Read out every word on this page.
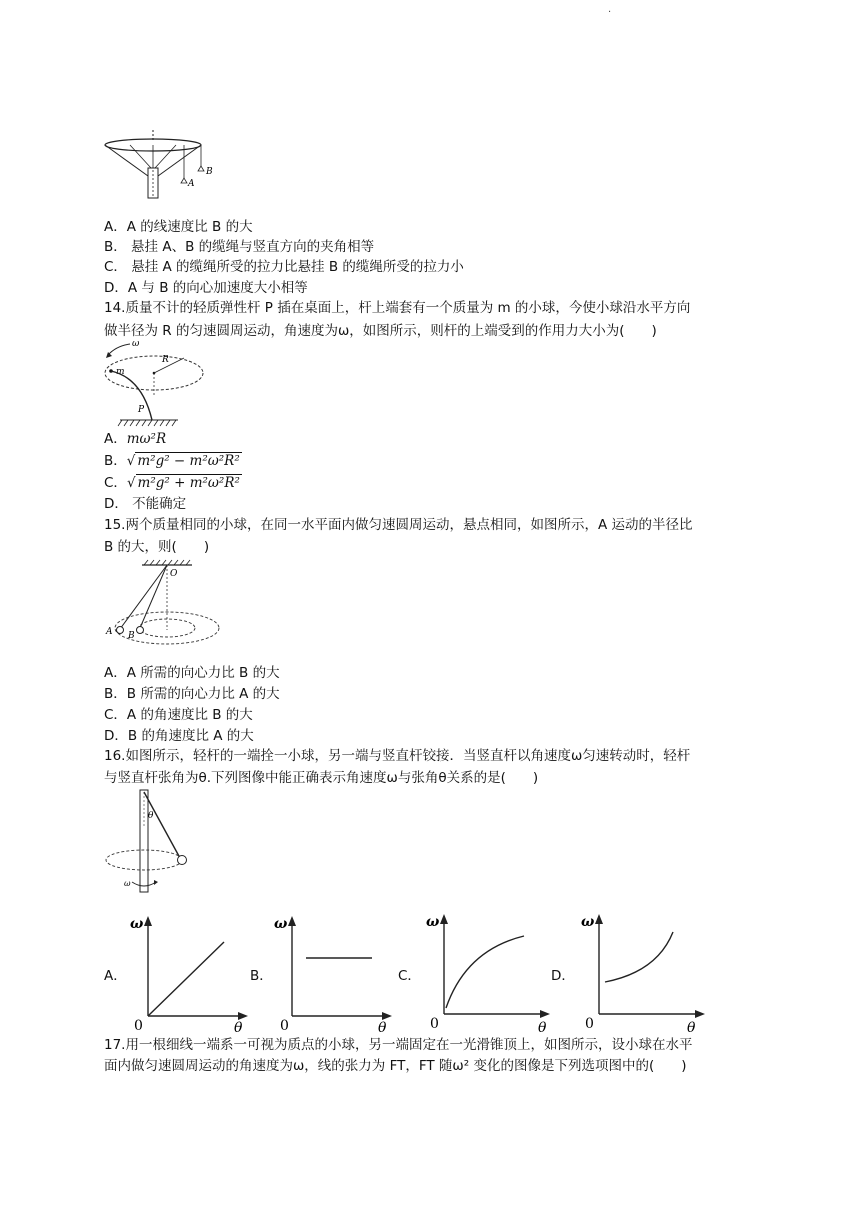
.
A
B
A．A 的线速度比 B 的大
B． 悬挂 A、B 的缆绳与竖直方向的夹角相等
C． 悬挂 A 的缆绳所受的拉力比悬挂 B 的缆绳所受的拉力小
D．A 与 B 的向心加速度大小相等
14.质量不计的轻质弹性杆 P 插在桌面上，杆上端套有一个质量为 m 的小球，今使小球沿水平方向
做半径为 R 的匀速圆周运动，角速度为ω，如图所示，则杆的上端受到的作用力大小为(　　)
ω
m
R
P
A．mω²R
B．√ m²g² − m²ω²R²
C．√ m²g² + m²ω²R²
D． 不能确定
15.两个质量相同的小球，在同一水平面内做匀速圆周运动，悬点相同，如图所示，A 运动的半径比
B 的大，则(　　)
O
A B
A．A 所需的向心力比 B 的大
B．B 所需的向心力比 A 的大
C．A 的角速度比 B 的大
D．B 的角速度比 A 的大
16.如图所示，轻杆的一端拴一小球，另一端与竖直杆铰接．当竖直杆以角速度ω匀速转动时，轻杆
与竖直杆张角为θ.下列图像中能正确表示角速度ω与张角θ关系的是(　　)
θ
ω
A．
ω
0	θ
B．
ω
0	θ
C．
ω
0	θ
D．
ω
0	θ
17.用一根细线一端系一可视为质点的小球，另一端固定在一光滑锥顶上，如图所示，设小球在水平
面内做匀速圆周运动的角速度为ω，线的张力为 FT，FT 随ω² 变化的图像是下列选项图中的(　　)
